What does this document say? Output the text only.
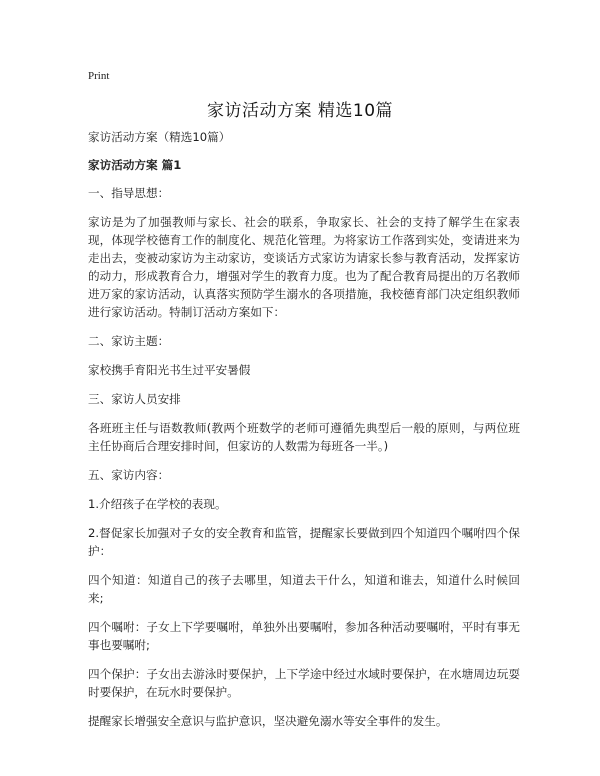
Print
家访活动方案 精选10篇

家访活动方案（精选10篇）

家访活动方案 篇1

一、指导思想：

家访是为了加强教师与家长、社会的联系，争取家长、社会的支持了解学生在家表现，体现学校德育工作的制度化、规范化管理。为将家访工作落到实处，变请进来为走出去，变被动家访为主动家访，变谈话方式家访为请家长参与教育活动，发挥家访的动力，形成教育合力，增强对学生的教育力度。也为了配合教育局提出的万名教师进万家的家访活动，认真落实预防学生溺水的各项措施，我校德育部门决定组织教师进行家访活动。特制订活动方案如下：

二、家访主题：

家校携手育阳光书生过平安暑假

三、家访人员安排

各班班主任与语数教师(教两个班数学的老师可遵循先典型后一般的原则，与两位班主任协商后合理安排时间，但家访的人数需为每班各一半。)

五、家访内容：

1.介绍孩子在学校的表现。

2.督促家长加强对子女的安全教育和监管，提醒家长要做到四个知道四个嘱咐四个保护：

四个知道：知道自己的孩子去哪里，知道去干什么，知道和谁去，知道什么时候回来;

四个嘱咐：子女上下学要嘱咐，单独外出要嘱咐，参加各种活动要嘱咐，平时有事无事也要嘱咐;

四个保护：子女出去游泳时要保护，上下学途中经过水域时要保护，在水塘周边玩耍时要保护，在玩水时要保护。

提醒家长增强安全意识与监护意识，坚决避免溺水等安全事件的发生。
